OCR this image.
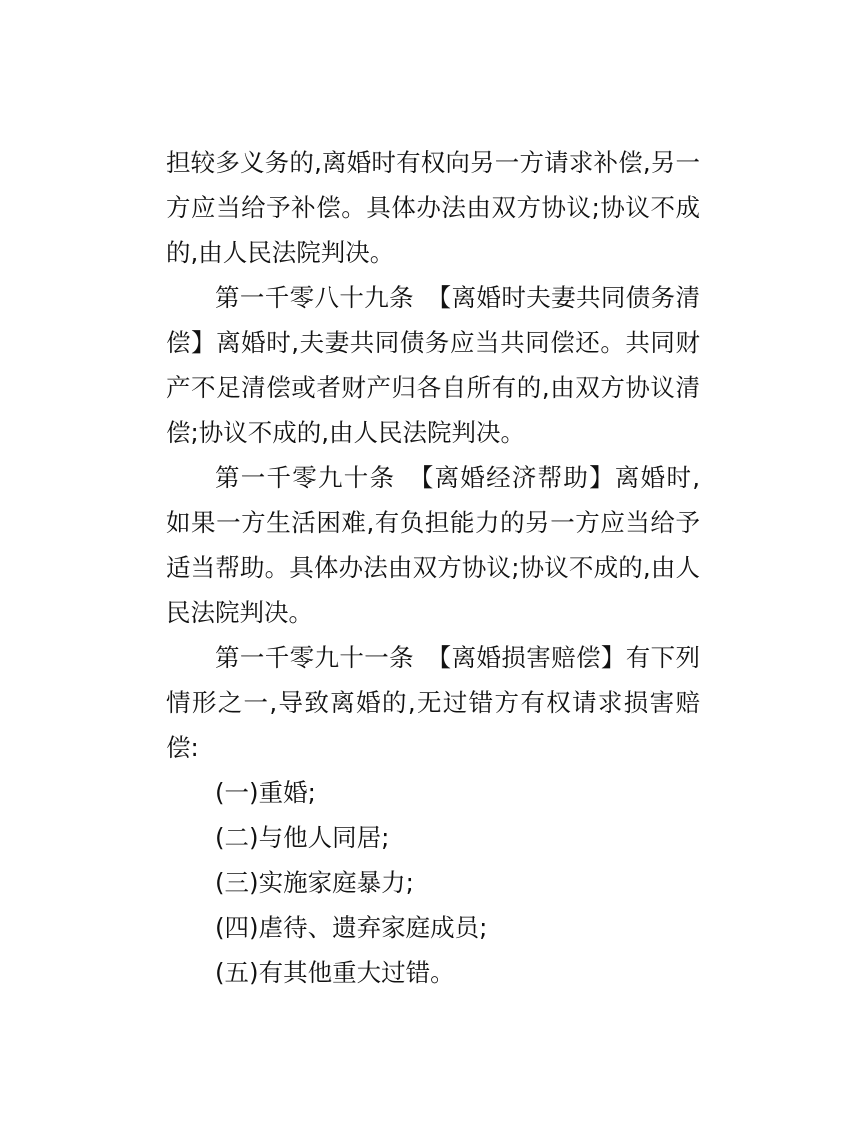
担较多义务的,离婚时有权向另一方请求补偿,另一方应当给予补偿。具体办法由双方协议;协议不成的,由人民法院判决。

第一千零八十九条　【离婚时夫妻共同债务清偿】离婚时,夫妻共同债务应当共同偿还。共同财产不足清偿或者财产归各自所有的,由双方协议清偿;协议不成的,由人民法院判决。

第一千零九十条　【离婚经济帮助】离婚时,如果一方生活困难,有负担能力的另一方应当给予适当帮助。具体办法由双方协议;协议不成的,由人民法院判决。

第一千零九十一条　【离婚损害赔偿】有下列情形之一,导致离婚的,无过错方有权请求损害赔偿:

(一)重婚;

(二)与他人同居;

(三)实施家庭暴力;

(四)虐待、遗弃家庭成员;

(五)有其他重大过错。
